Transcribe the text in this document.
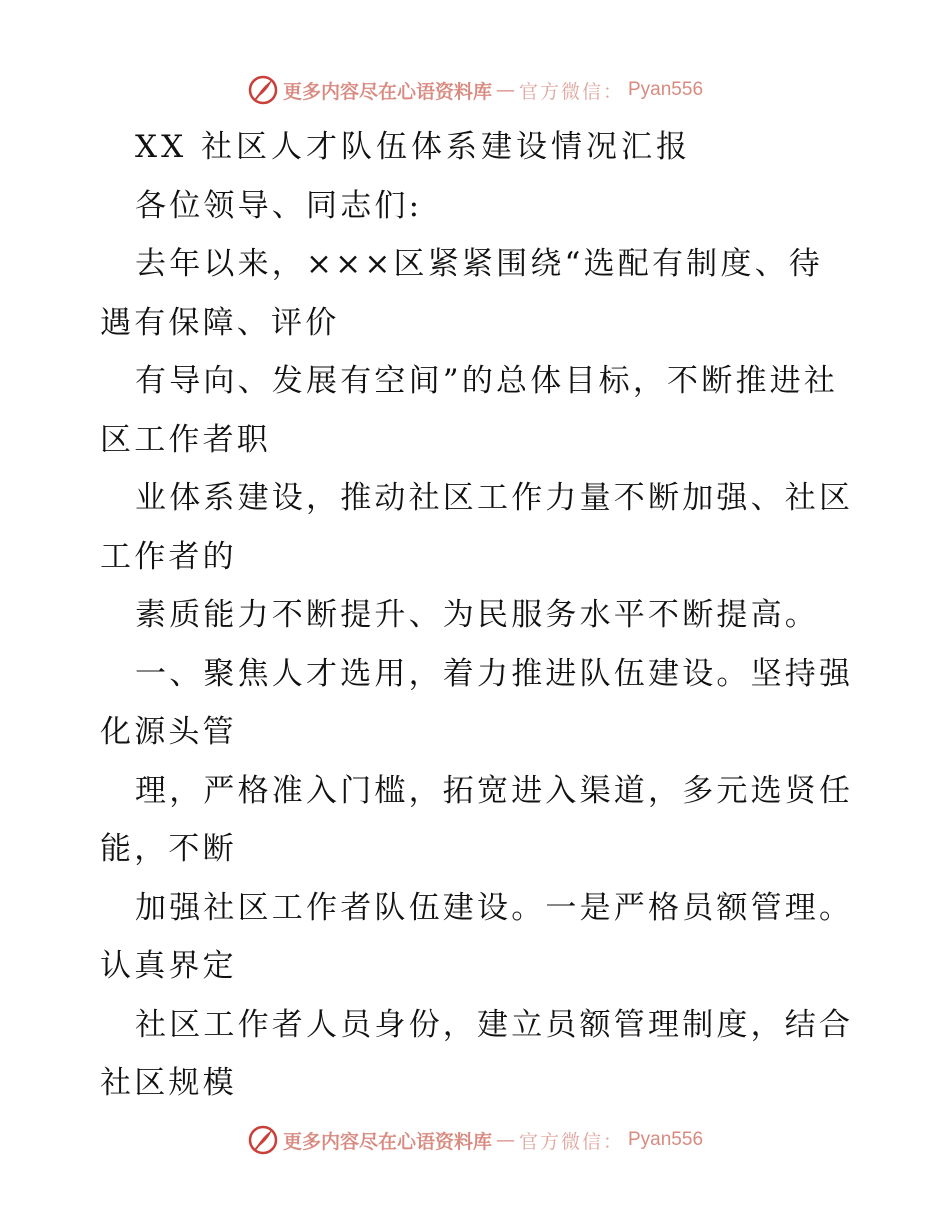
更多内容尽在心语资料库 — 官方微信： Pyan556
XX 社区人才队伍体系建设情况汇报
各位领导、同志们:
去年以来，×××区紧紧围绕“选配有制度、待
遇有保障、评价
有导向、发展有空间”的总体目标，不断推进社
区工作者职
业体系建设，推动社区工作力量不断加强、社区
工作者的
素质能力不断提升、为民服务水平不断提高。
一、聚焦人才选用，着力推进队伍建设。坚持强
化源头管
理，严格准入门槛，拓宽进入渠道，多元选贤任
能，不断
加强社区工作者队伍建设。一是严格员额管理。
认真界定
社区工作者人员身份，建立员额管理制度，结合
社区规模
更多内容尽在心语资料库 — 官方微信： Pyan556
